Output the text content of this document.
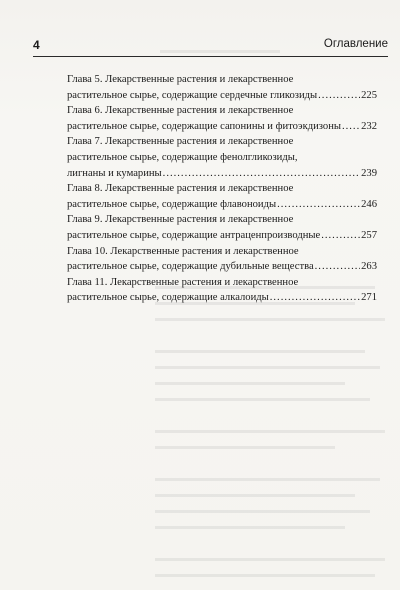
4	Оглавление
Глава 5. Лекарственные растения и лекарственное
растительное сырье, содержащие сердечные гликозиды .....	225
Глава 6. Лекарственные растения и лекарственное
растительное сырье, содержащие сапонины и фитоэкдизоны ..... 232
Глава 7. Лекарственные растения и лекарственное
растительное сырье, содержащие фенолгликозиды,
лигнаны и кумарины .....	239
Глава 8. Лекарственные растения и лекарственное
растительное сырье, содержащие флавоноиды .....	246
Глава 9. Лекарственные растения и лекарственное
растительное сырье, содержащие антраценпроизводные .....	257
Глава 10. Лекарственные растения и лекарственное
растительное сырье, содержащие дубильные вещества .....	263
Глава 11. Лекарственные растения и лекарственное
растительное сырье, содержащие алкалоиды .....	271
